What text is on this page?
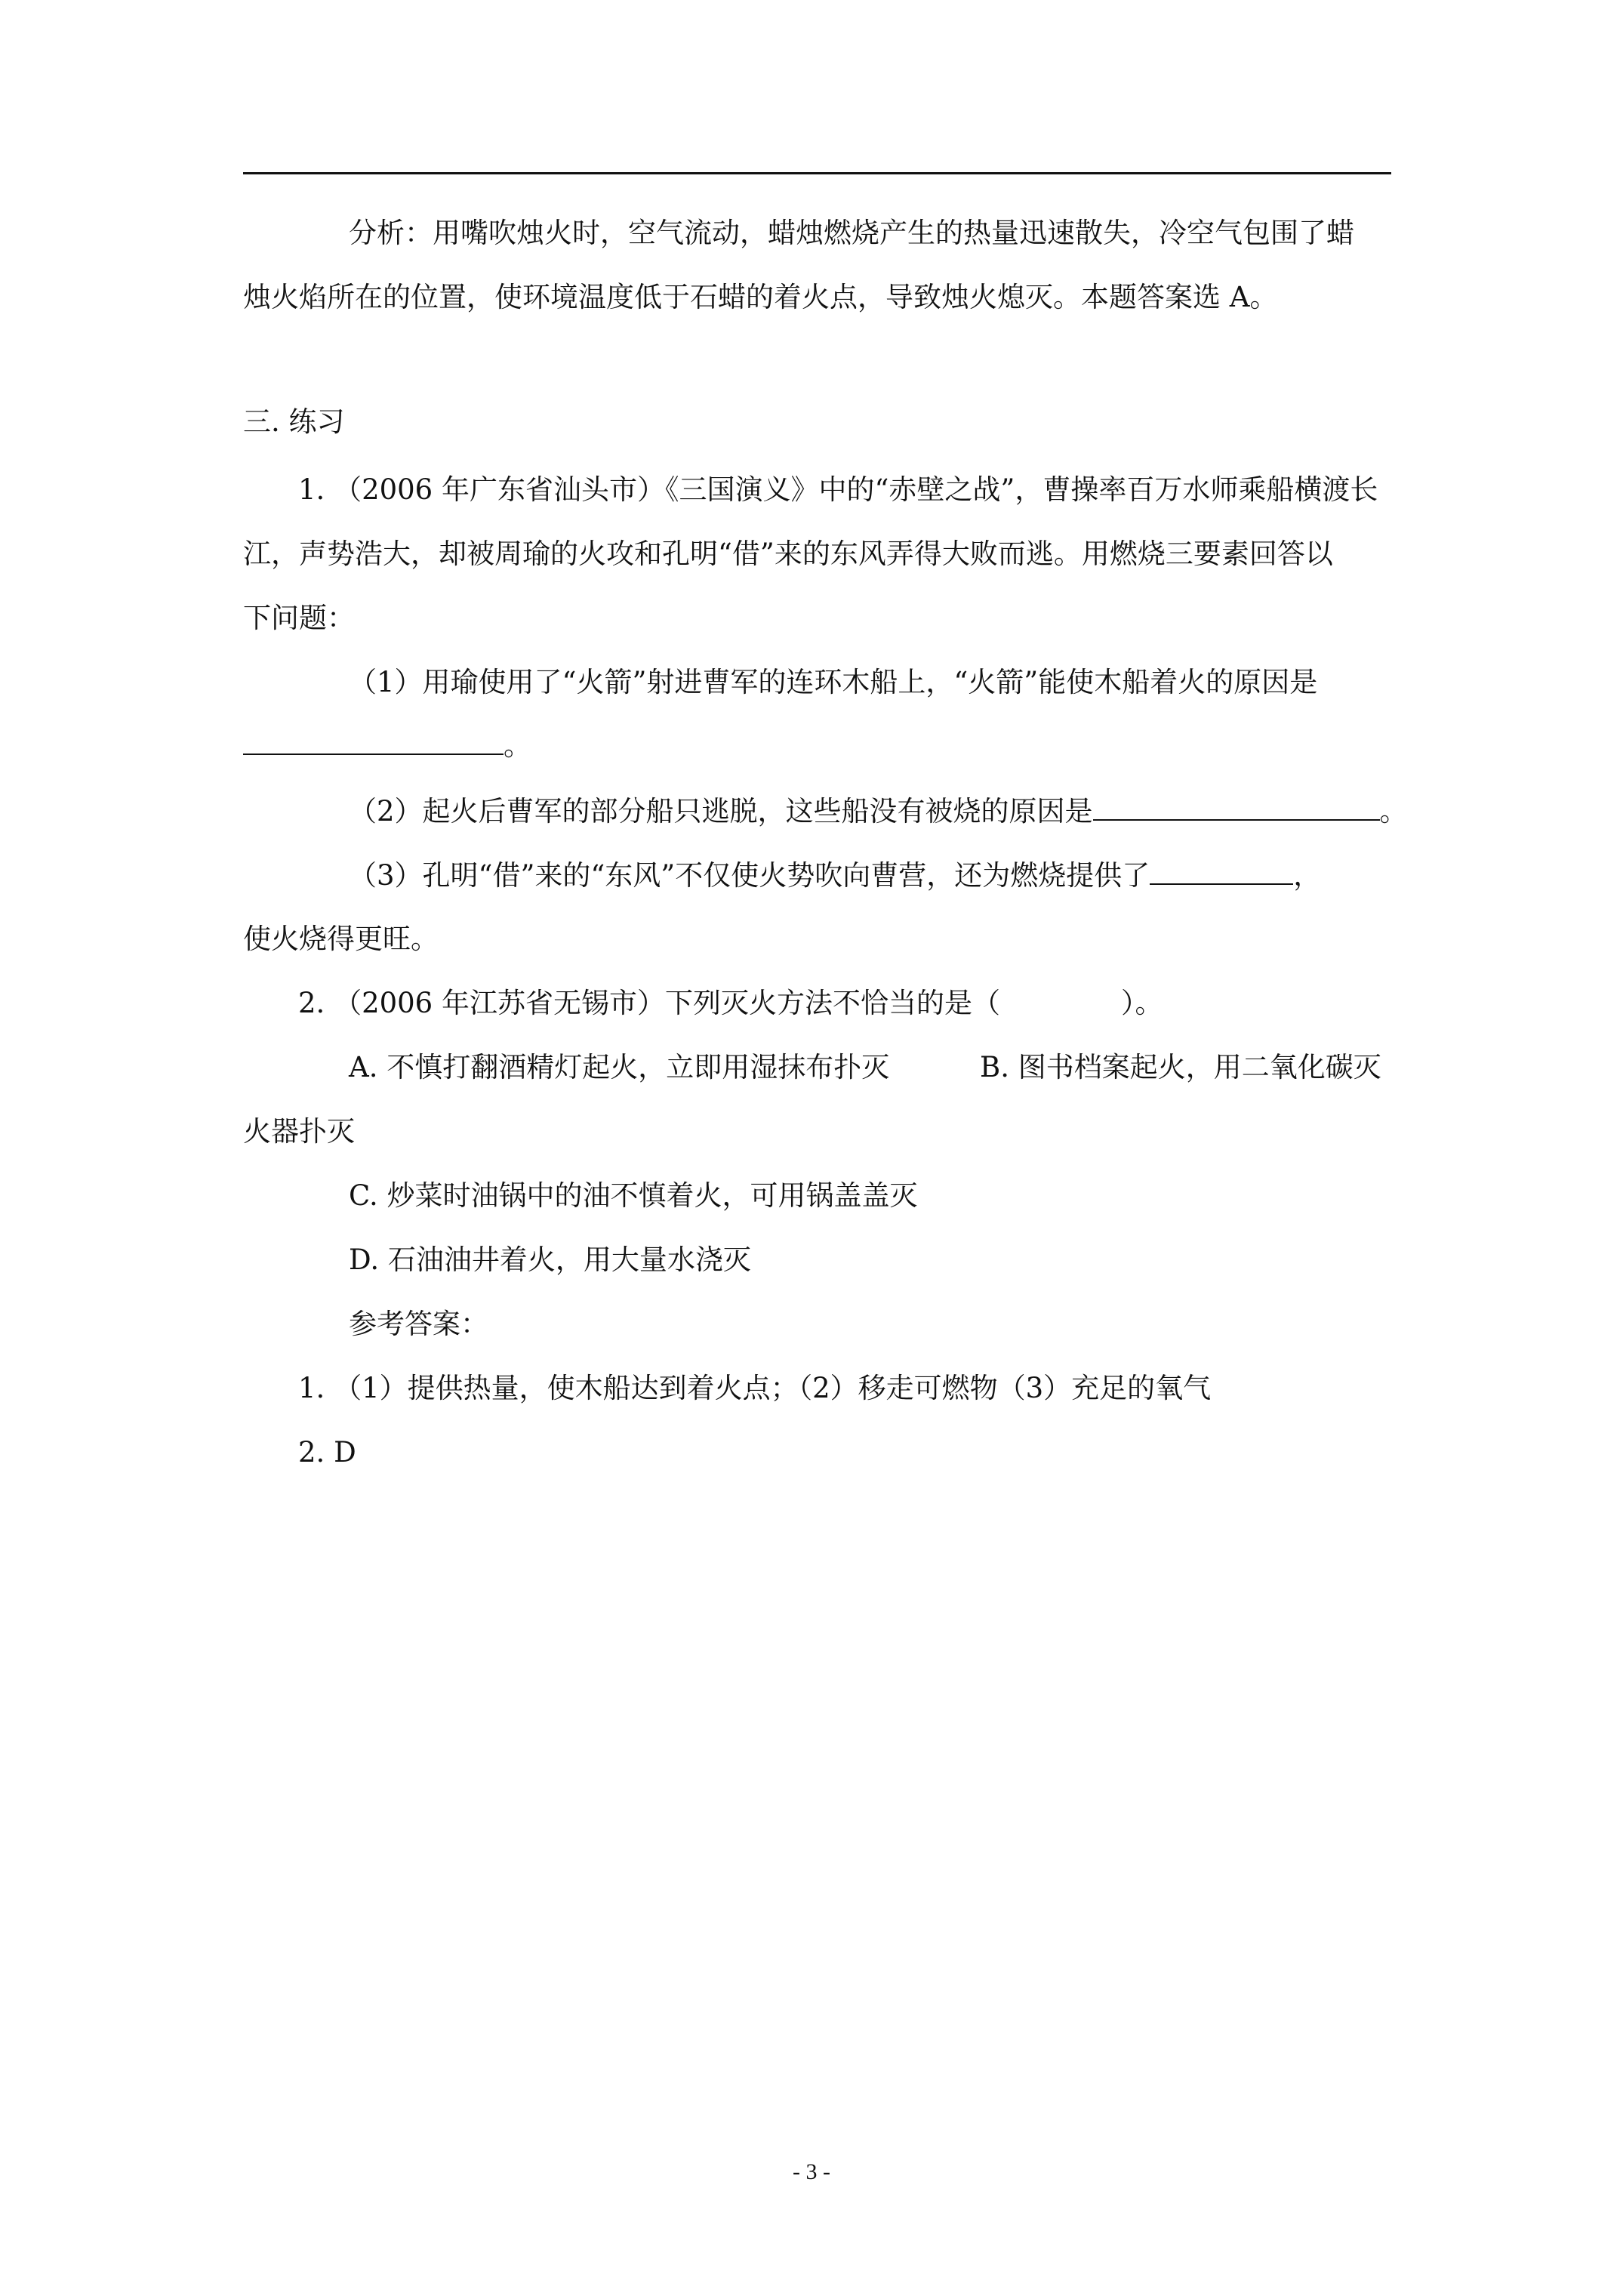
分析：用嘴吹烛火时，空气流动，蜡烛燃烧产生的热量迅速散失，冷空气包围了蜡
烛火焰所在的位置，使环境温度低于石蜡的着火点，导致烛火熄灭。本题答案选 A。
三. 练习
1. （2006 年广东省汕头市）《三国演义》中的“赤壁之战”，曹操率百万水师乘船横渡长
江，声势浩大，却被周瑜的火攻和孔明“借”来的东风弄得大败而逃。用燃烧三要素回答以
下问题：
（1）用瑜使用了“火箭”射进曹军的连环木船上，“火箭”能使木船着火的原因是
。
（2）起火后曹军的部分船只逃脱，这些船没有被烧的原因是	。
（3）孔明“借”来的“东风”不仅使火势吹向曹营，还为燃烧提供了	，
使火烧得更旺。
2. （2006 年江苏省无锡市）下列灭火方法不恰当的是（	）。
A. 不慎打翻酒精灯起火，立即用湿抹布扑灭	B. 图书档案起火，用二氧化碳灭
火器扑灭
C. 炒菜时油锅中的油不慎着火，可用锅盖盖灭
D. 石油油井着火，用大量水浇灭
参考答案：
1. （1）提供热量，使木船达到着火点；（2）移走可燃物（3）充足的氧气
2. D
- 3 -
